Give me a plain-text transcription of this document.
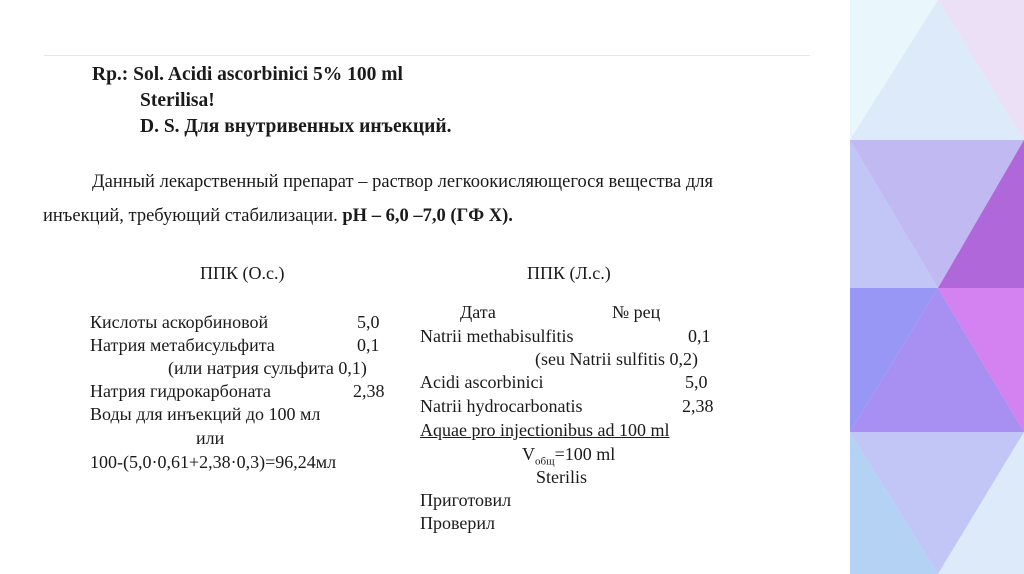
Rp.: Sol. Acidi ascorbinici 5% 100 ml
Sterilisa!
D. S. Для внутривенных инъекций.
Данный лекарственный препарат – раствор легкоокисляющегося вещества для
инъекций, требующий стабилизации. pH – 6,0 –7,0 (ГФ X).
ППК (О.с.)
Кислоты аскорбиновой	5,0
Натрия метабисульфита	0,1
(или натрия сульфита 0,1)
Натрия гидрокарбоната	2,38
Воды для инъекций до 100 мл
или
100-(5,0·0,61+2,38·0,3)=96,24мл
ППК (Л.с.)
Дата	№ рец
Natrii methabisulfitis	0,1
(seu Natrii sulfitis 0,2)
Acidi ascorbinici	5,0
Natrii hydrocarbonatis	2,38
Aquae pro injectionibus ad 100 ml
$V_{общ}=100$ ml
Sterilis
Приготовил
Проверил
